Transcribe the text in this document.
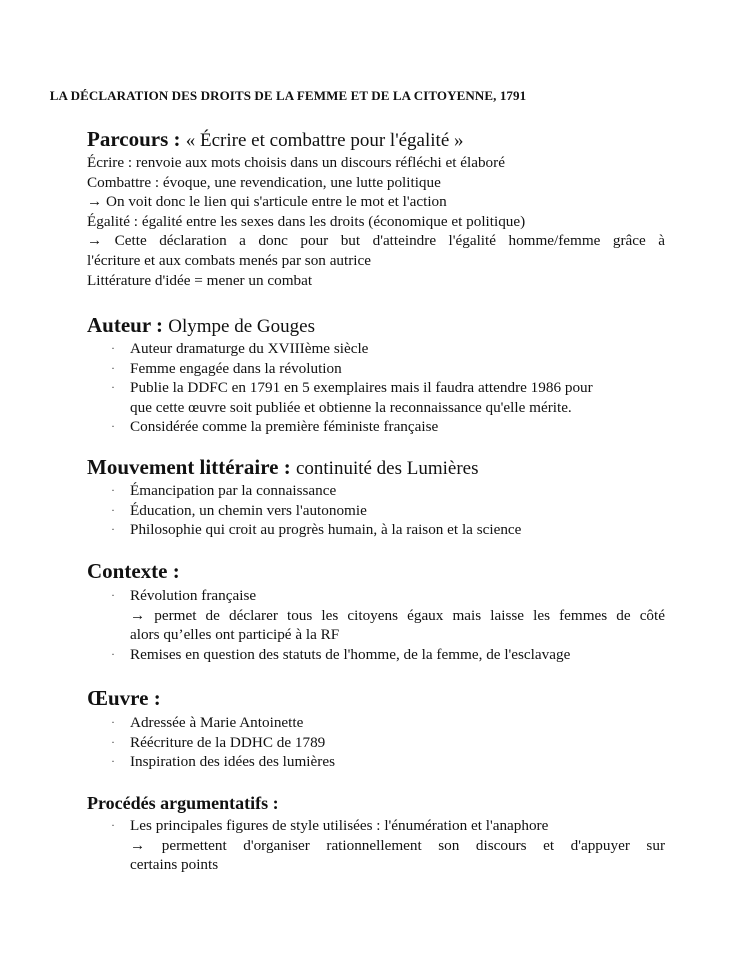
LA DÉCLARATION DES DROITS DE LA FEMME ET DE LA CITOYENNE, 1791

Parcours : « Écrire et combattre pour l'égalité »

Écrire : renvoie aux mots choisis dans un discours réfléchi et élaboré

Combattre : évoque, une revendication, une lutte politique

→ On voit donc le lien qui s'articule entre le mot et l'action

Égalité : égalité entre les sexes dans les droits (économique et politique)

→ Cette déclaration a donc pour but d'atteindre l'égalité homme/femme grâce à

l'écriture et aux combats menés par son autrice

Littérature d'idée = mener un combat

Auteur : Olympe de Gouges

· Auteur dramaturge du XVIIIème siècle
· Femme engagée dans la révolution
· Publie la DDFC en 1791 en 5 exemplaires mais il faudra attendre 1986 pour
que cette œuvre soit publiée et obtienne la reconnaissance qu'elle mérite.
· Considérée comme la première féministe française

Mouvement littéraire : continuité des Lumières

· Émancipation par la connaissance
· Éducation, un chemin vers l'autonomie
· Philosophie qui croit au progrès humain, à la raison et la science

Contexte :

· Révolution française
→ permet de déclarer tous les citoyens égaux mais laisse les femmes de côté
alors qu’elles ont participé à la RF
· Remises en question des statuts de l'homme, de la femme, de l'esclavage

Œuvre :

· Adressée à Marie Antoinette
· Réécriture de la DDHC de 1789
· Inspiration des idées des lumières

Procédés argumentatifs :

· Les principales figures de style utilisées : l'énumération et l'anaphore
→ permettent d'organiser rationnellement son discours et d'appuyer sur
certains points
